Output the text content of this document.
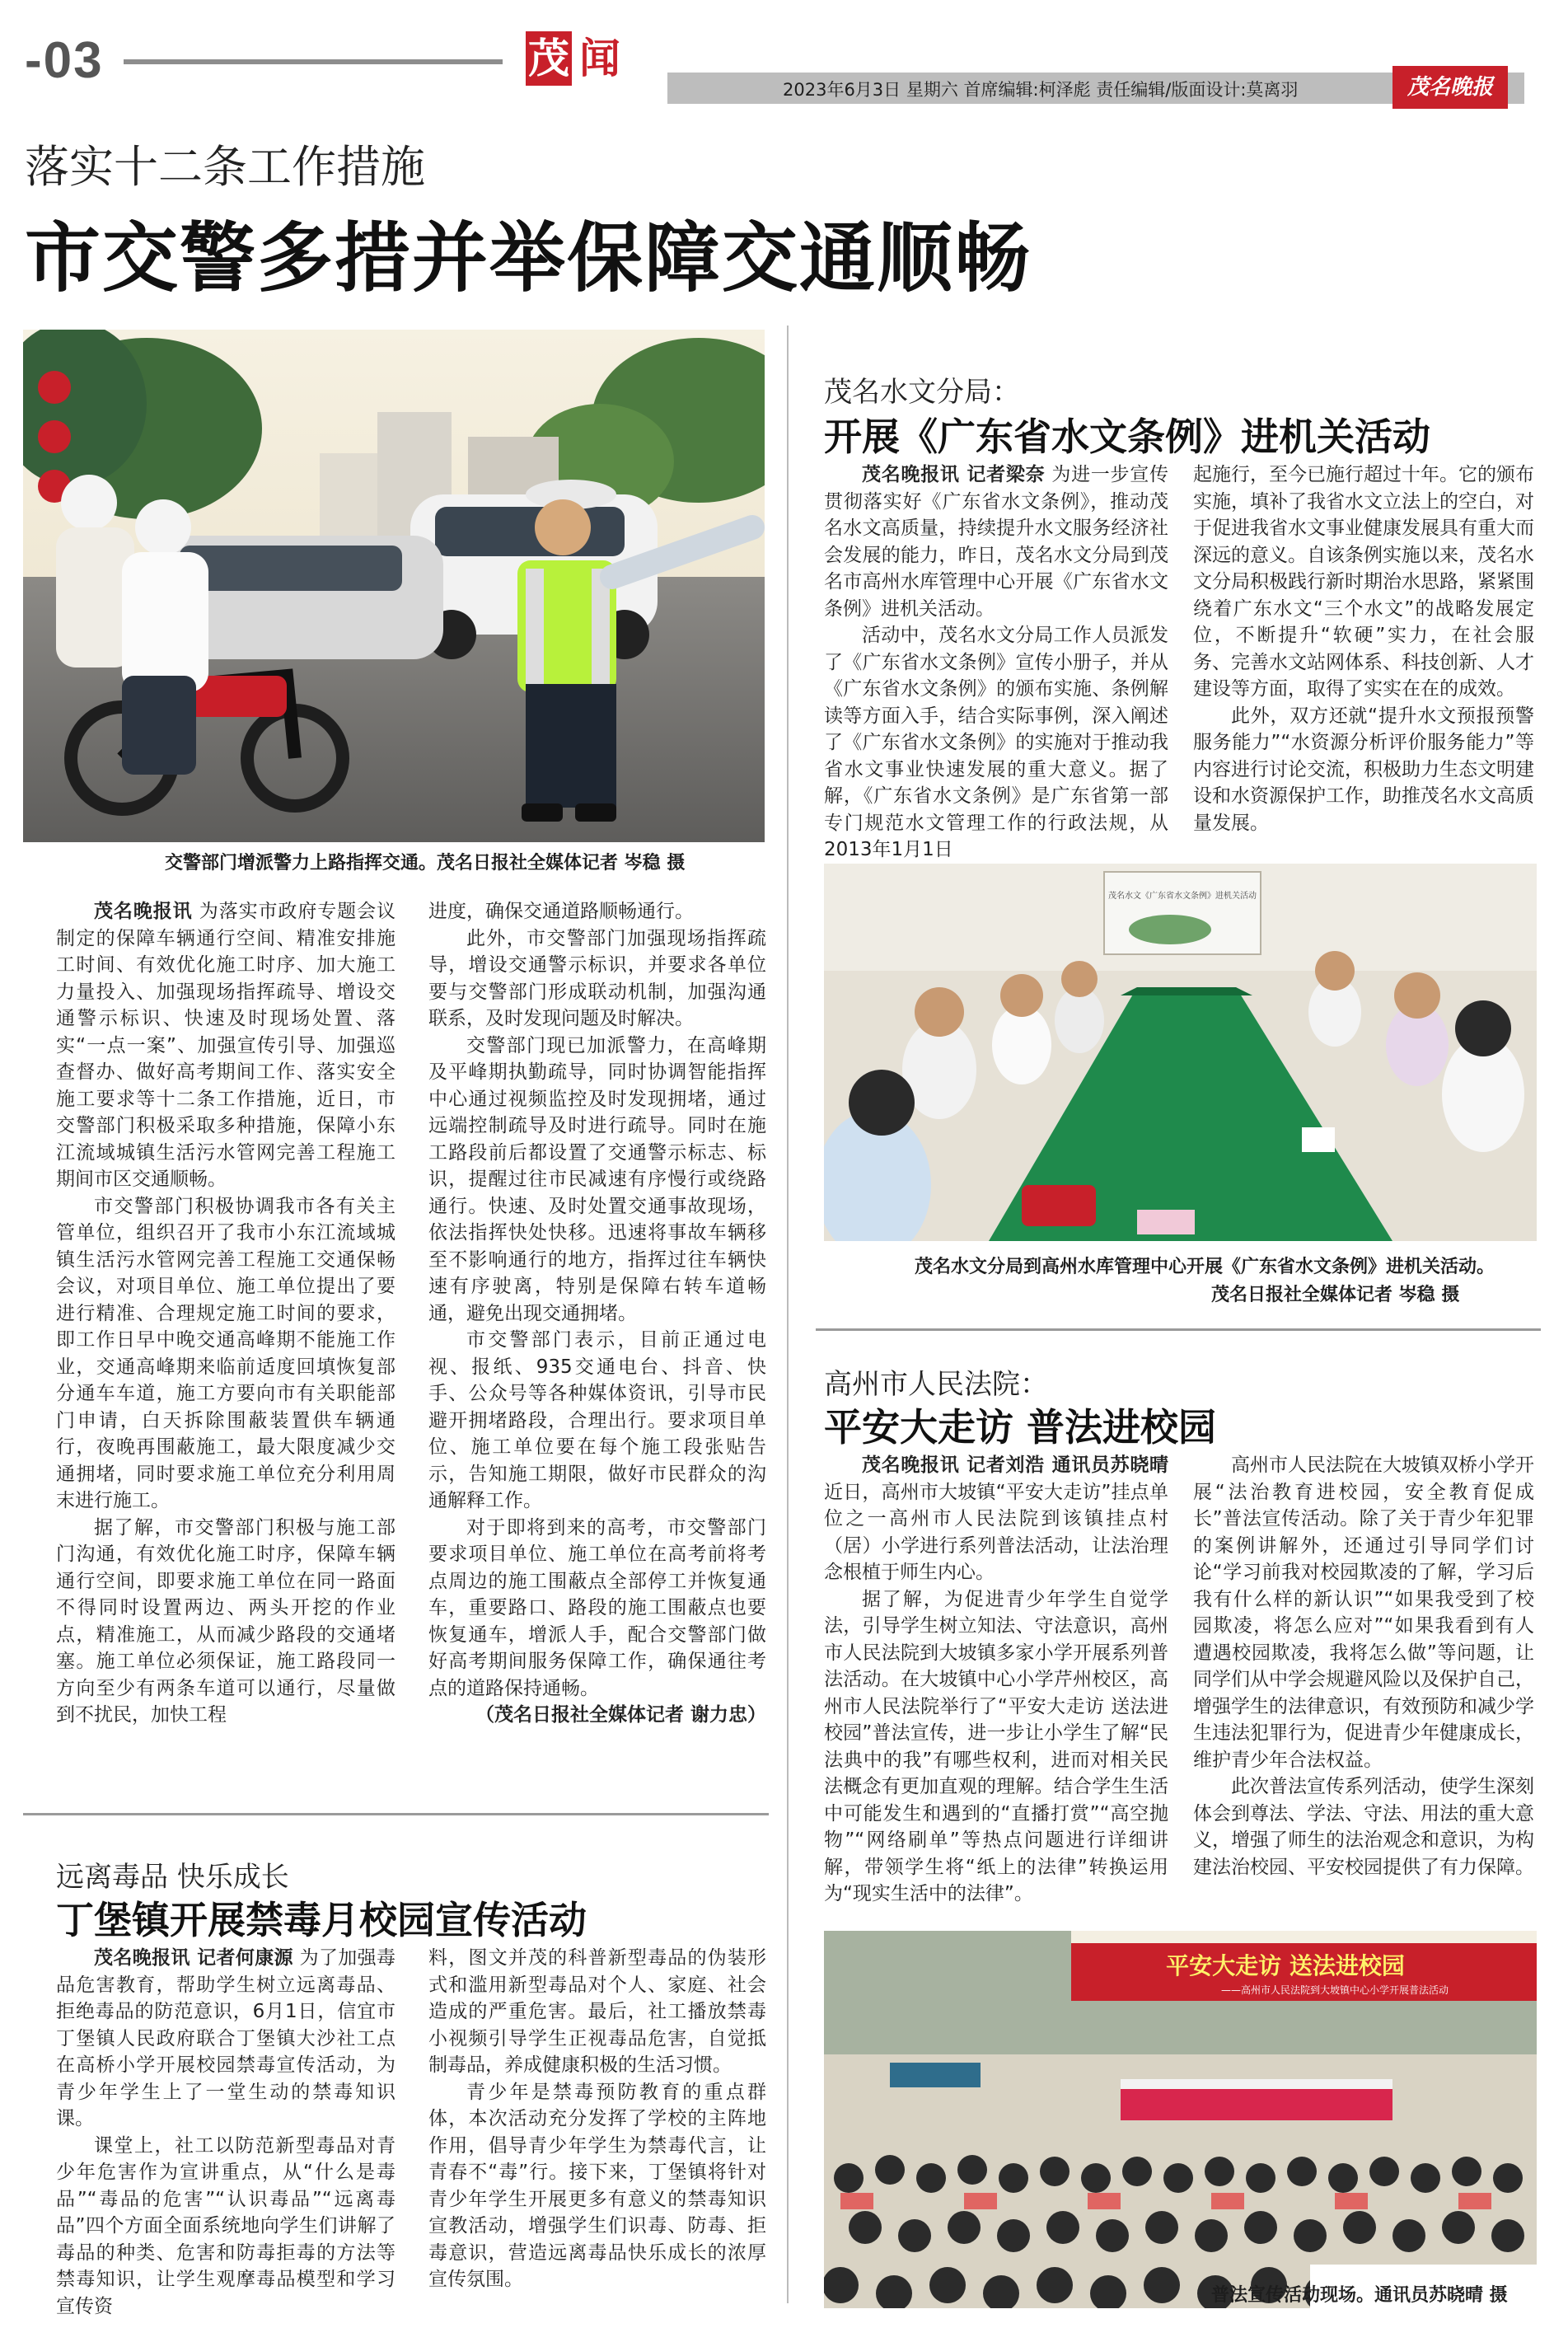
-03	茂 闻
2023年6月3日 星期六 首席编辑:柯泽彪 责任编辑/版面设计:莫离羽	茂名晚报
落实十二条工作措施
市交警多措并举保障交通顺畅
交警部门增派警力上路指挥交通。茂名日报社全媒体记者 岑稳 摄

茂名晚报讯 为落实市政府专题会议制定的保障车辆通行空间、精准安排施工时间、有效优化施工时序、加大施工力量投入、加强现场指挥疏导、增设交通警示标识、快速及时现场处置、落实“一点一案”、加强宣传引导、加强巡查督办、做好高考期间工作、落实安全施工要求等十二条工作措施，近日，市交警部门积极采取多种措施，保障小东江流域城镇生活污水管网完善工程施工期间市区交通顺畅。

市交警部门积极协调我市各有关主管单位，组织召开了我市小东江流域城镇生活污水管网完善工程施工交通保畅会议，对项目单位、施工单位提出了要进行精准、合理规定施工时间的要求，即工作日早中晚交通高峰期不能施工作业，交通高峰期来临前适度回填恢复部分通车车道，施工方要向市有关职能部门申请，白天拆除围蔽装置供车辆通行，夜晚再围蔽施工，最大限度减少交通拥堵，同时要求施工单位充分利用周末进行施工。

据了解，市交警部门积极与施工部门沟通，有效优化施工时序，保障车辆通行空间，即要求施工单位在同一路面不得同时设置两边、两头开挖的作业点，精准施工，从而减少路段的交通堵塞。施工单位必须保证，施工路段同一方向至少有两条车道可以通行，尽量做到不扰民，加快工程

进度，确保交通道路顺畅通行。

此外，市交警部门加强现场指挥疏导，增设交通警示标识，并要求各单位要与交警部门形成联动机制，加强沟通联系，及时发现问题及时解决。

交警部门现已加派警力，在高峰期及平峰期执勤疏导，同时协调智能指挥中心通过视频监控及时发现拥堵，通过远端控制疏导及时进行疏导。同时在施工路段前后都设置了交通警示标志、标识，提醒过往市民减速有序慢行或绕路通行。快速、及时处置交通事故现场，依法指挥快处快移。迅速将事故车辆移至不影响通行的地方，指挥过往车辆快速有序驶离，特别是保障右转车道畅通，避免出现交通拥堵。

市交警部门表示，目前正通过电视、报纸、935交通电台、抖音、快手、公众号等各种媒体资讯，引导市民避开拥堵路段，合理出行。要求项目单位、施工单位要在每个施工段张贴告示，告知施工期限，做好市民群众的沟通解释工作。

对于即将到来的高考，市交警部门要求项目单位、施工单位在高考前将考点周边的施工围蔽点全部停工并恢复通车，重要路口、路段的施工围蔽点也要恢复通车，增派人手，配合交警部门做好高考期间服务保障工作，确保通往考点的道路保持通畅。

（茂名日报社全媒体记者 谢力忠）
茂名水文分局：
开展《广东省水文条例》进机关活动

茂名晚报讯 记者梁奈 为进一步宣传贯彻落实好《广东省水文条例》，推动茂名水文高质量，持续提升水文服务经济社会发展的能力，昨日，茂名水文分局到茂名市高州水库管理中心开展《广东省水文条例》进机关活动。

活动中，茂名水文分局工作人员派发了《广东省水文条例》宣传小册子，并从《广东省水文条例》的颁布实施、条例解读等方面入手，结合实际事例，深入阐述了《广东省水文条例》的实施对于推动我省水文事业快速发展的重大意义。据了解，《广东省水文条例》是广东省第一部专门规范水文管理工作的行政法规，从2013年1月1日

起施行，至今已施行超过十年。它的颁布实施，填补了我省水文立法上的空白，对于促进我省水文事业健康发展具有重大而深远的意义。自该条例实施以来，茂名水文分局积极践行新时期治水思路，紧紧围绕着广东水文“三个水文”的战略发展定位，不断提升“软硬”实力，在社会服务、完善水文站网体系、科技创新、人才建设等方面，取得了实实在在的成效。

此外，双方还就“提升水文预报预警服务能力”“水资源分析评价服务能力”等内容进行讨论交流，积极助力生态文明建设和水资源保护工作，助推茂名水文高质量发展。

茂名水文《广东省水文条例》进机关活动
茂名水文分局到高州水库管理中心开展《广东省水文条例》进机关活动。
茂名日报社全媒体记者 岑稳 摄
高州市人民法院：
平安大走访 普法进校园

茂名晚报讯 记者刘浩 通讯员苏晓晴 近日，高州市大坡镇“平安大走访”挂点单位之一高州市人民法院到该镇挂点村（居）小学进行系列普法活动，让法治理念根植于师生内心。

据了解，为促进青少年学生自觉学法，引导学生树立知法、守法意识，高州市人民法院到大坡镇多家小学开展系列普法活动。在大坡镇中心小学芹州校区，高州市人民法院举行了“平安大走访 送法进校园”普法宣传，进一步让小学生了解“民法典中的我”有哪些权利，进而对相关民法概念有更加直观的理解。结合学生生活中可能发生和遇到的“直播打赏”“高空抛物”“网络刷单”等热点问题进行详细讲解，带领学生将“纸上的法律”转换运用为“现实生活中的法律”。

高州市人民法院在大坡镇双桥小学开展“法治教育进校园，安全教育促成长”普法宣传活动。除了关于青少年犯罪的案例讲解外，还通过引导同学们讨论“学习前我对校园欺凌的了解，学习后我有什么样的新认识”“如果我受到了校园欺凌，将怎么应对”“如果我看到有人遭遇校园欺凌，我将怎么做”等问题，让同学们从中学会规避风险以及保护自己，增强学生的法律意识，有效预防和减少学生违法犯罪行为，促进青少年健康成长，维护青少年合法权益。

此次普法宣传系列活动，使学生深刻体会到尊法、学法、守法、用法的重大意义，增强了师生的法治观念和意识，为构建法治校园、平安校园提供了有力保障。

平安大走访 送法进校园
——高州市人民法院到大坡镇中心小学开展普法活动
普法宣传活动现场。通讯员苏晓晴 摄
远离毒品 快乐成长
丁堡镇开展禁毒月校园宣传活动

茂名晚报讯 记者何康源 为了加强毒品危害教育，帮助学生树立远离毒品、拒绝毒品的防范意识，6月1日，信宜市丁堡镇人民政府联合丁堡镇大沙社工点在高桥小学开展校园禁毒宣传活动，为青少年学生上了一堂生动的禁毒知识课。

课堂上，社工以防范新型毒品对青少年危害作为宣讲重点，从“什么是毒品”“毒品的危害”“认识毒品”“远离毒品”四个方面全面系统地向学生们讲解了毒品的种类、危害和防毒拒毒的方法等禁毒知识，让学生观摩毒品模型和学习宣传资

料，图文并茂的科普新型毒品的伪装形式和滥用新型毒品对个人、家庭、社会造成的严重危害。最后，社工播放禁毒小视频引导学生正视毒品危害，自觉抵制毒品，养成健康积极的生活习惯。

青少年是禁毒预防教育的重点群体，本次活动充分发挥了学校的主阵地作用，倡导青少年学生为禁毒代言，让青春不“毒”行。接下来，丁堡镇将针对青少年学生开展更多有意义的禁毒知识宣教活动，增强学生们识毒、防毒、拒毒意识，营造远离毒品快乐成长的浓厚宣传氛围。
